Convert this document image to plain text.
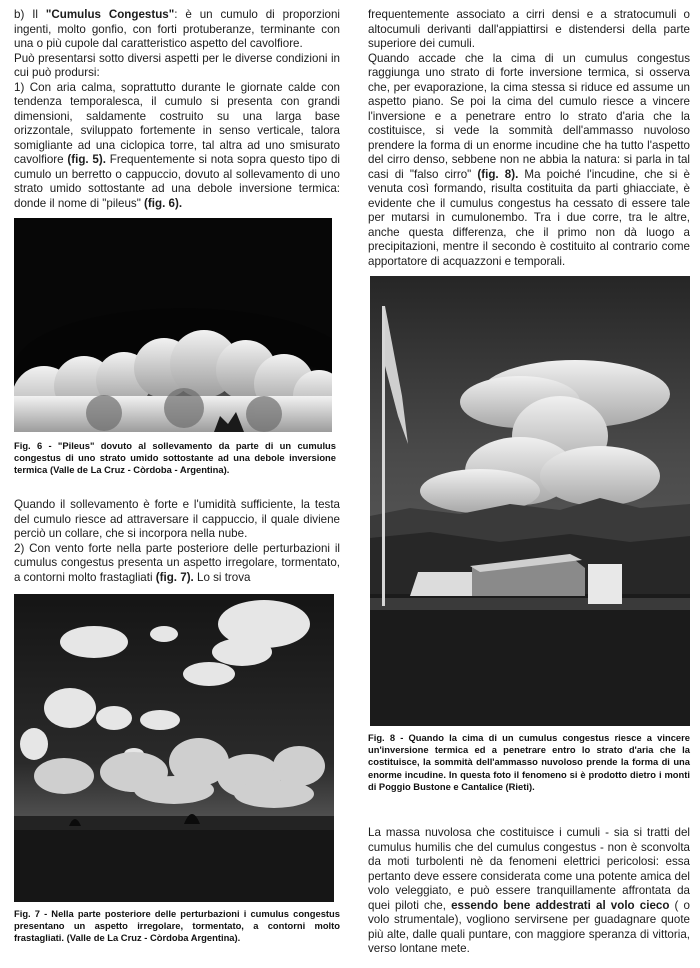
b) Il "Cumulus Congestus": è un cumulo di proporzioni ingenti, molto gonfio, con forti protuberanze, terminante con una o più cupole dal caratteristico aspetto del cavolfiore.

Può presentarsi sotto diversi aspetti per le diverse condizioni in cui può prodursi:

1) Con aria calma, soprattutto durante le giornate calde con tendenza temporalesca, il cumulo si presenta con grandi dimensioni, saldamente costruito su una larga base orizzontale, sviluppato fortemente in senso verticale, talora somigliante ad una ciclopica torre, tal altra ad uno smisurato cavolfiore (fig. 5). Frequentemente si nota sopra questo tipo di cumulo un berretto o cappuccio, dovuto al sollevamento di uno strato umido sottostante ad una debole inversione termica: donde il nome di "pileus" (fig. 6).

Fig. 6 - "Pileus" dovuto al sollevamento da parte di un cumulus congestus di uno strato umido sottostante ad una debole inversione termica (Valle de La Cruz - Còrdoba - Argentina).

Quando il sollevamento è forte e l'umidità sufficiente, la testa del cumulo riesce ad attraversare il cappuccio, il quale diviene perciò un collare, che si incorpora nella nube.

2) Con vento forte nella parte posteriore delle perturbazioni il cumulus congestus presenta un aspetto irregolare, tormentato, a contorni molto frastagliati (fig. 7). Lo si trova

Fig. 7 - Nella parte posteriore delle perturbazioni i cumulus congestus presentano un aspetto irregolare, tormentato, a contorni molto frastagliati. (Valle de La Cruz - Còrdoba Argentina).

frequentemente associato a cirri densi e a stratocumuli o altocumuli derivanti dall'appiattirsi e distendersi della parte superiore dei cumuli.

Quando accade che la cima di un cumulus congestus raggiunga uno strato di forte inversione termica, si osserva che, per evaporazione, la cima stessa si riduce ed assume un aspetto piano. Se poi la cima del cumulo riesce a vincere l'inversione e a penetrare entro lo strato d'aria che la costituisce, si vede la sommità dell'ammasso nuvoloso prendere la forma di un enorme incudine che ha tutto l'aspetto del cirro denso, sebbene non ne abbia la natura: si parla in tal casi di "falso cirro" (fig. 8). Ma poiché l'incudine, che si è venuta così formando, risulta costituita da parti ghiacciate, è evidente che il cumulus congestus ha cessato di essere tale per mutarsi in cumulonembo. Tra i due corre, tra le altre, anche questa differenza, che il primo non dà luogo a precipitazioni, mentre il secondo è costituito al contrario come apportatore di acquazzoni e temporali.

Fig. 8 - Quando la cima di un cumulus congestus riesce a vincere un'inversione termica ed a penetrare entro lo strato d'aria che la costituisce, la sommità dell'ammasso nuvoloso prende la forma di una enorme incudine. In questa foto il fenomeno si è prodotto dietro i monti di Poggio Bustone e Cantalice (Rieti).

La massa nuvolosa che costituisce i cumuli - sia si tratti del cumulus humilis che del cumulus congestus - non è sconvolta da moti turbolenti nè da fenomeni elettrici pericolosi: essa pertanto deve essere considerata come una potente amica del volo veleggiato, e può essere tranquillamente affrontata da quei piloti che, essendo bene addestrati al volo cieco ( o volo strumentale), vogliono servirsene per guadagnare quote più alte, dalle quali puntare, con maggiore speranza di vittoria, verso lontane mete.
